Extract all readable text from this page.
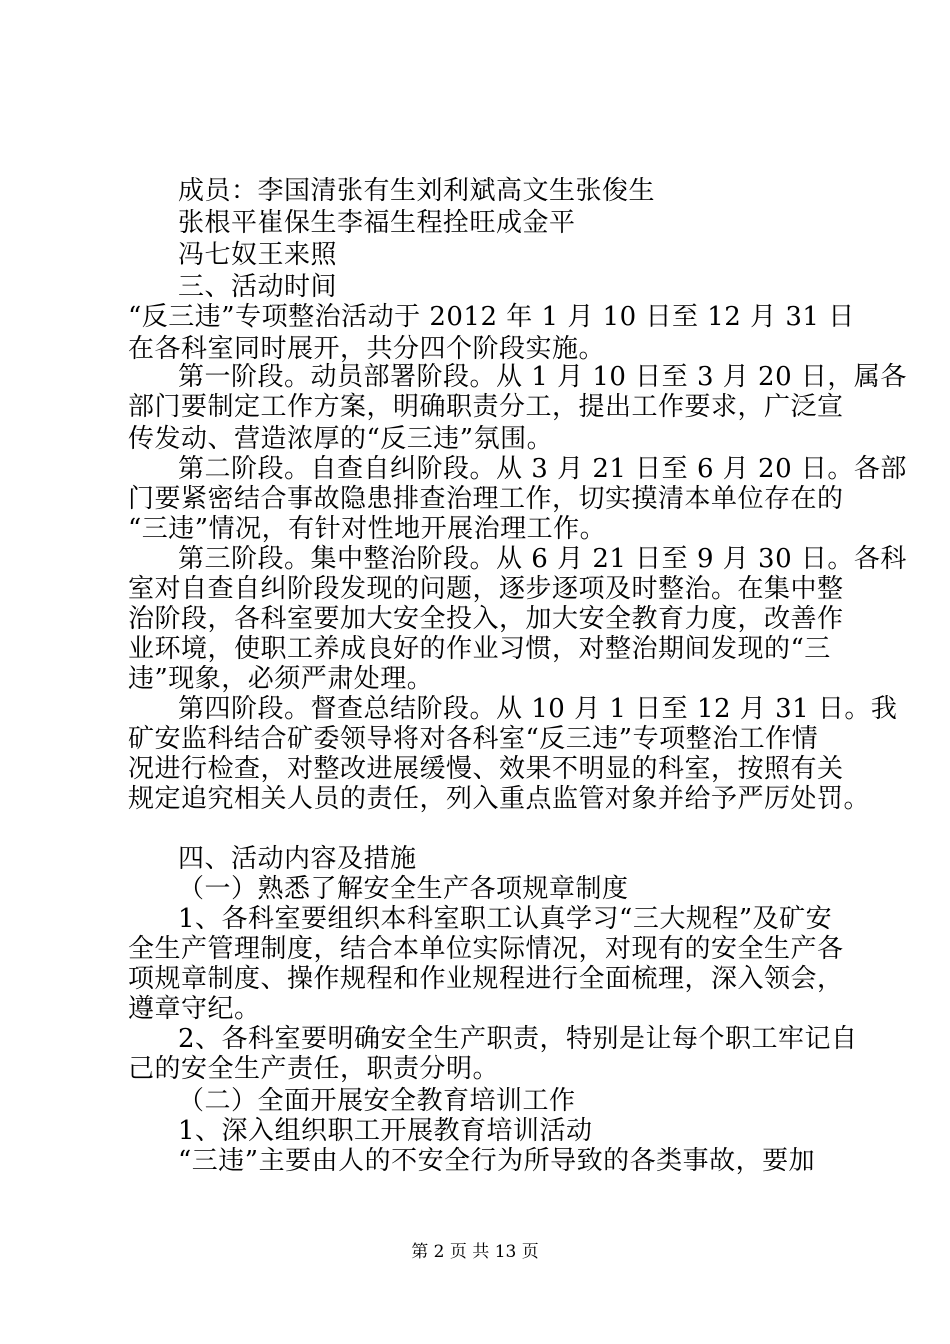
成员：李国清张有生刘利斌高文生张俊生
张根平崔保生李福生程拴旺成金平
冯七奴王来照
三、活动时间
“反三违”专项整治活动于 2012 年 1 月 10 日至 12 月 31 日
在各科室同时展开，共分四个阶段实施。
第一阶段。动员部署阶段。从 1 月 10 日至 3 月 20 日，属各
部门要制定工作方案，明确职责分工，提出工作要求，广泛宣
传发动、营造浓厚的“反三违”氛围。
第二阶段。自查自纠阶段。从 3 月 21 日至 6 月 20 日。各部
门要紧密结合事故隐患排查治理工作，切实摸清本单位存在的
“三违”情况，有针对性地开展治理工作。
第三阶段。集中整治阶段。从 6 月 21 日至 9 月 30 日。各科
室对自查自纠阶段发现的问题，逐步逐项及时整治。在集中整
治阶段，各科室要加大安全投入，加大安全教育力度，改善作
业环境，使职工养成良好的作业习惯，对整治期间发现的“三
违”现象，必须严肃处理。
第四阶段。督查总结阶段。从 10 月 1 日至 12 月 31 日。我
矿安监科结合矿委领导将对各科室“反三违”专项整治工作情
况进行检查，对整改进展缓慢、效果不明显的科室，按照有关
规定追究相关人员的责任，列入重点监管对象并给予严厉处罚。
四、活动内容及措施
（一）熟悉了解安全生产各项规章制度
1、各科室要组织本科室职工认真学习“三大规程”及矿安
全生产管理制度，结合本单位实际情况，对现有的安全生产各
项规章制度、操作规程和作业规程进行全面梳理，深入领会，
遵章守纪。
2、各科室要明确安全生产职责，特别是让每个职工牢记自
己的安全生产责任，职责分明。
（二）全面开展安全教育培训工作
1、深入组织职工开展教育培训活动
“三违”主要由人的不安全行为所导致的各类事故，要加
第 2 页 共 13 页
